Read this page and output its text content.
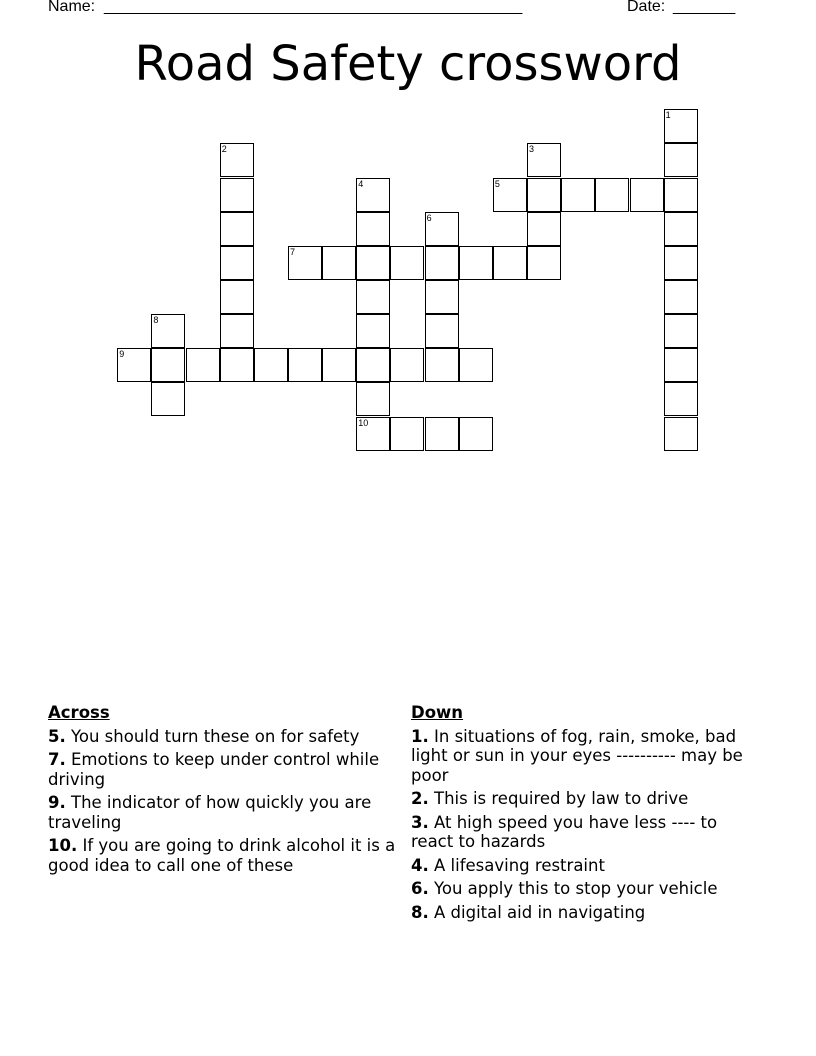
Name: _______________________________________________	Date: _______
Road Safety crossword
1
2	3
4	5
6
7
8
9
10
Across
5. You should turn these on for safety
7. Emotions to keep under control while driving
9. The indicator of how quickly you are traveling
10. If you are going to drink alcohol it is a good idea to call one of these
Down
1. In situations of fog, rain, smoke, bad light or sun in your eyes ---------- may be poor
2. This is required by law to drive
3. At high speed you have less ---- to react to hazards
4. A lifesaving restraint
6. You apply this to stop your vehicle
8. A digital aid in navigating
